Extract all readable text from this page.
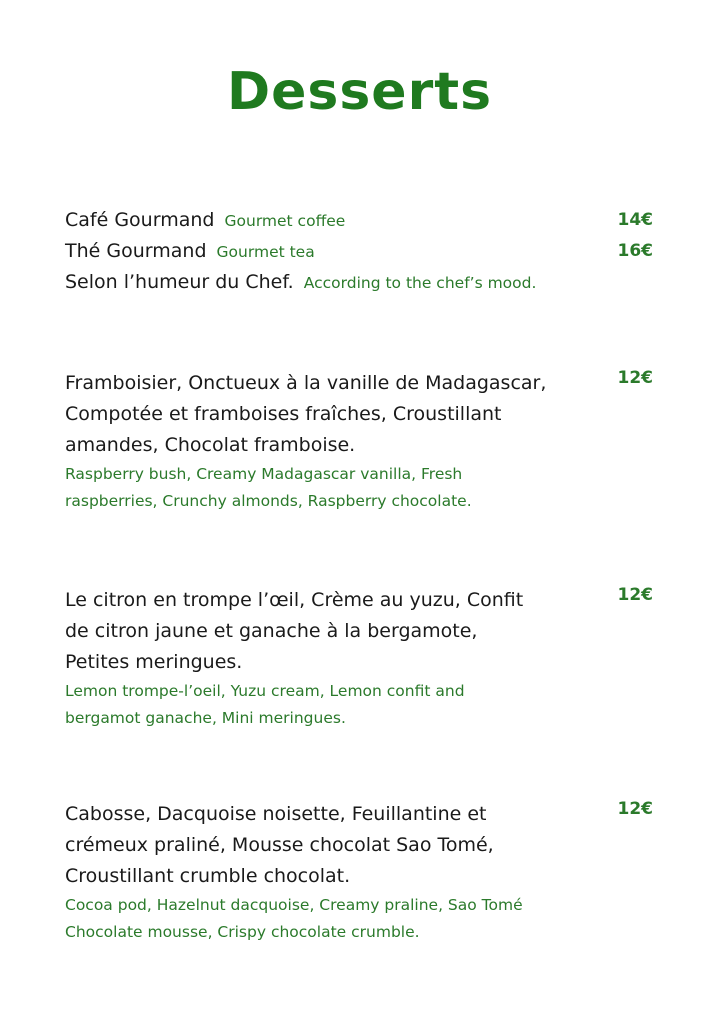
Desserts
Café Gourmand Gourmet coffee	14€
Thé Gourmand Gourmet tea	16€
Selon l’humeur du Chef. According to the chef’s mood.
Framboisier, Onctueux à la vanille de Madagascar,	12€
Compotée et framboises fraîches, Croustillant
amandes, Chocolat framboise.
Raspberry bush, Creamy Madagascar vanilla, Fresh
raspberries, Crunchy almonds, Raspberry chocolate.
Le citron en trompe l’œil, Crème au yuzu, Confit	12€
de citron jaune et ganache à la bergamote,
Petites meringues.
Lemon trompe-l’oeil, Yuzu cream, Lemon confit and
bergamot ganache, Mini meringues.
Cabosse, Dacquoise noisette, Feuillantine et	12€
crémeux praliné, Mousse chocolat Sao Tomé,
Croustillant crumble chocolat.
Cocoa pod, Hazelnut dacquoise, Creamy praline, Sao Tomé
Chocolate mousse, Crispy chocolate crumble.
